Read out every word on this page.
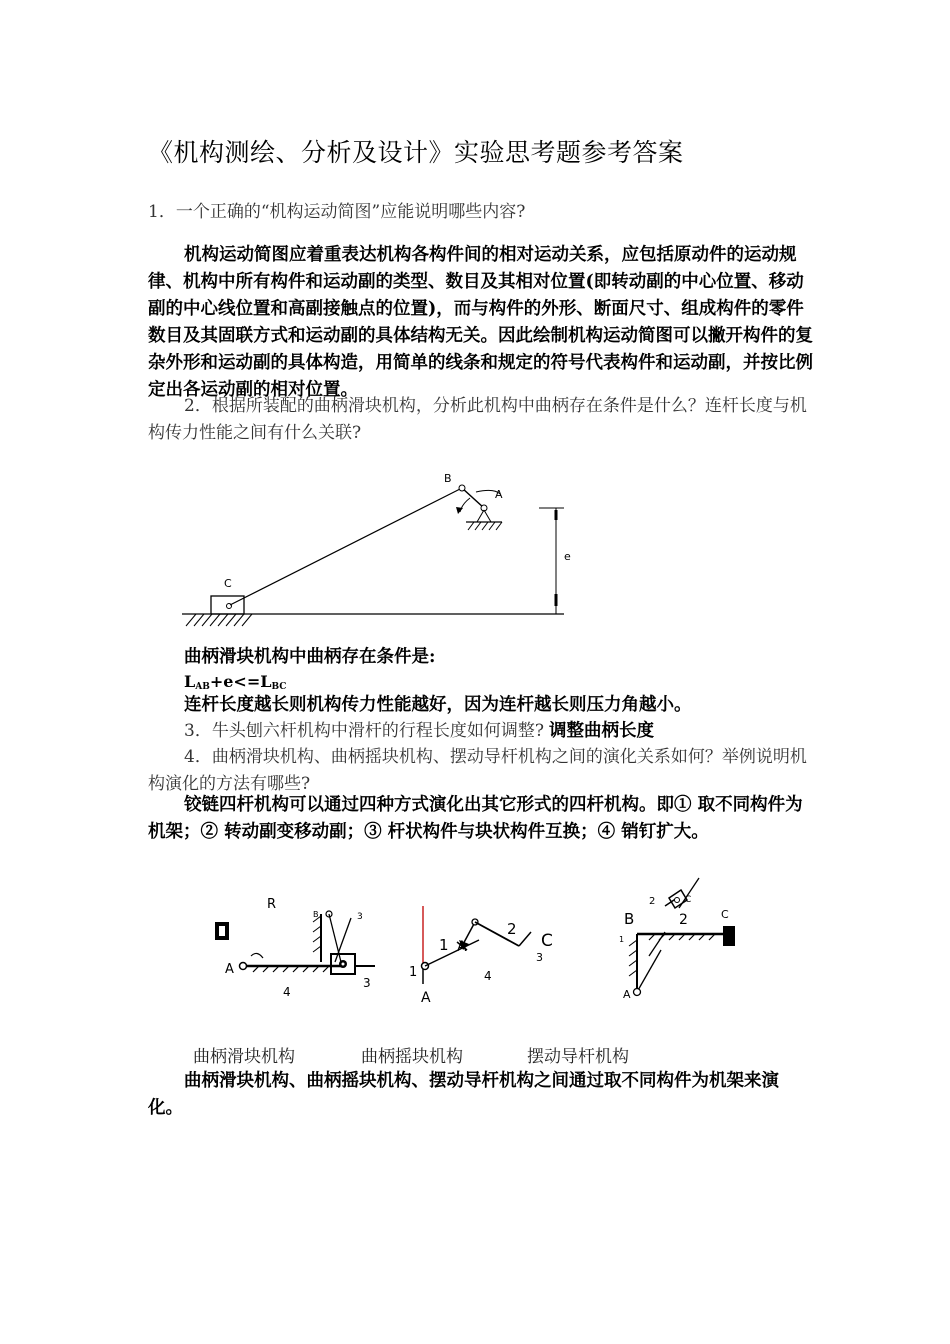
《机构测绘、分析及设计》实验思考题参考答案
1．一个正确的“机构运动简图”应能说明哪些内容?
机构运动简图应着重表达机构各构件间的相对运动关系，应包括原动件的运动规律、机构中所有构件和运动副的类型、数目及其相对位置(即转动副的中心位置、移动副的中心线位置和高副接触点的位置)，而与构件的外形、断面尺寸、组成构件的零件数目及其固联方式和运动副的具体结构无关。因此绘制机构运动简图可以撇开构件的复杂外形和运动副的具体构造，用简单的线条和规定的符号代表构件和运动副，并按比例定出各运动副的相对位置。
2．根据所装配的曲柄滑块机构，分析此机构中曲柄存在条件是什么？连杆长度与机构传力性能之间有什么关联?
B
A
C
e
曲柄滑块机构中曲柄存在条件是:
$L_{AB}+e<=L_{BC}$
连杆长度越长则机构传力性能越好，因为连杆越长则压力角越小。
3．牛头刨六杆机构中滑杆的行程长度如何调整? 调整曲柄长度
4．曲柄滑块机构、曲柄摇块机构、摆动导杆机构之间的演化关系如何？举例说明机构演化的方法有哪些?
铰链四杆机构可以通过四种方式演化出其它形式的四杆机构。即① 取不同构件为机架；② 转动副变移动副；③ 杆状构件与块状构件互换；④ 销钉扩大。
R
A
B
4
3
3
1 A
2
C
1	4
3
A
2	C
B	2	C
1
A
曲柄滑块机构	曲柄摇块机构	摆动导杆机构
曲柄滑块机构、曲柄摇块机构、摆动导杆机构之间通过取不同构件为机架来演化。
